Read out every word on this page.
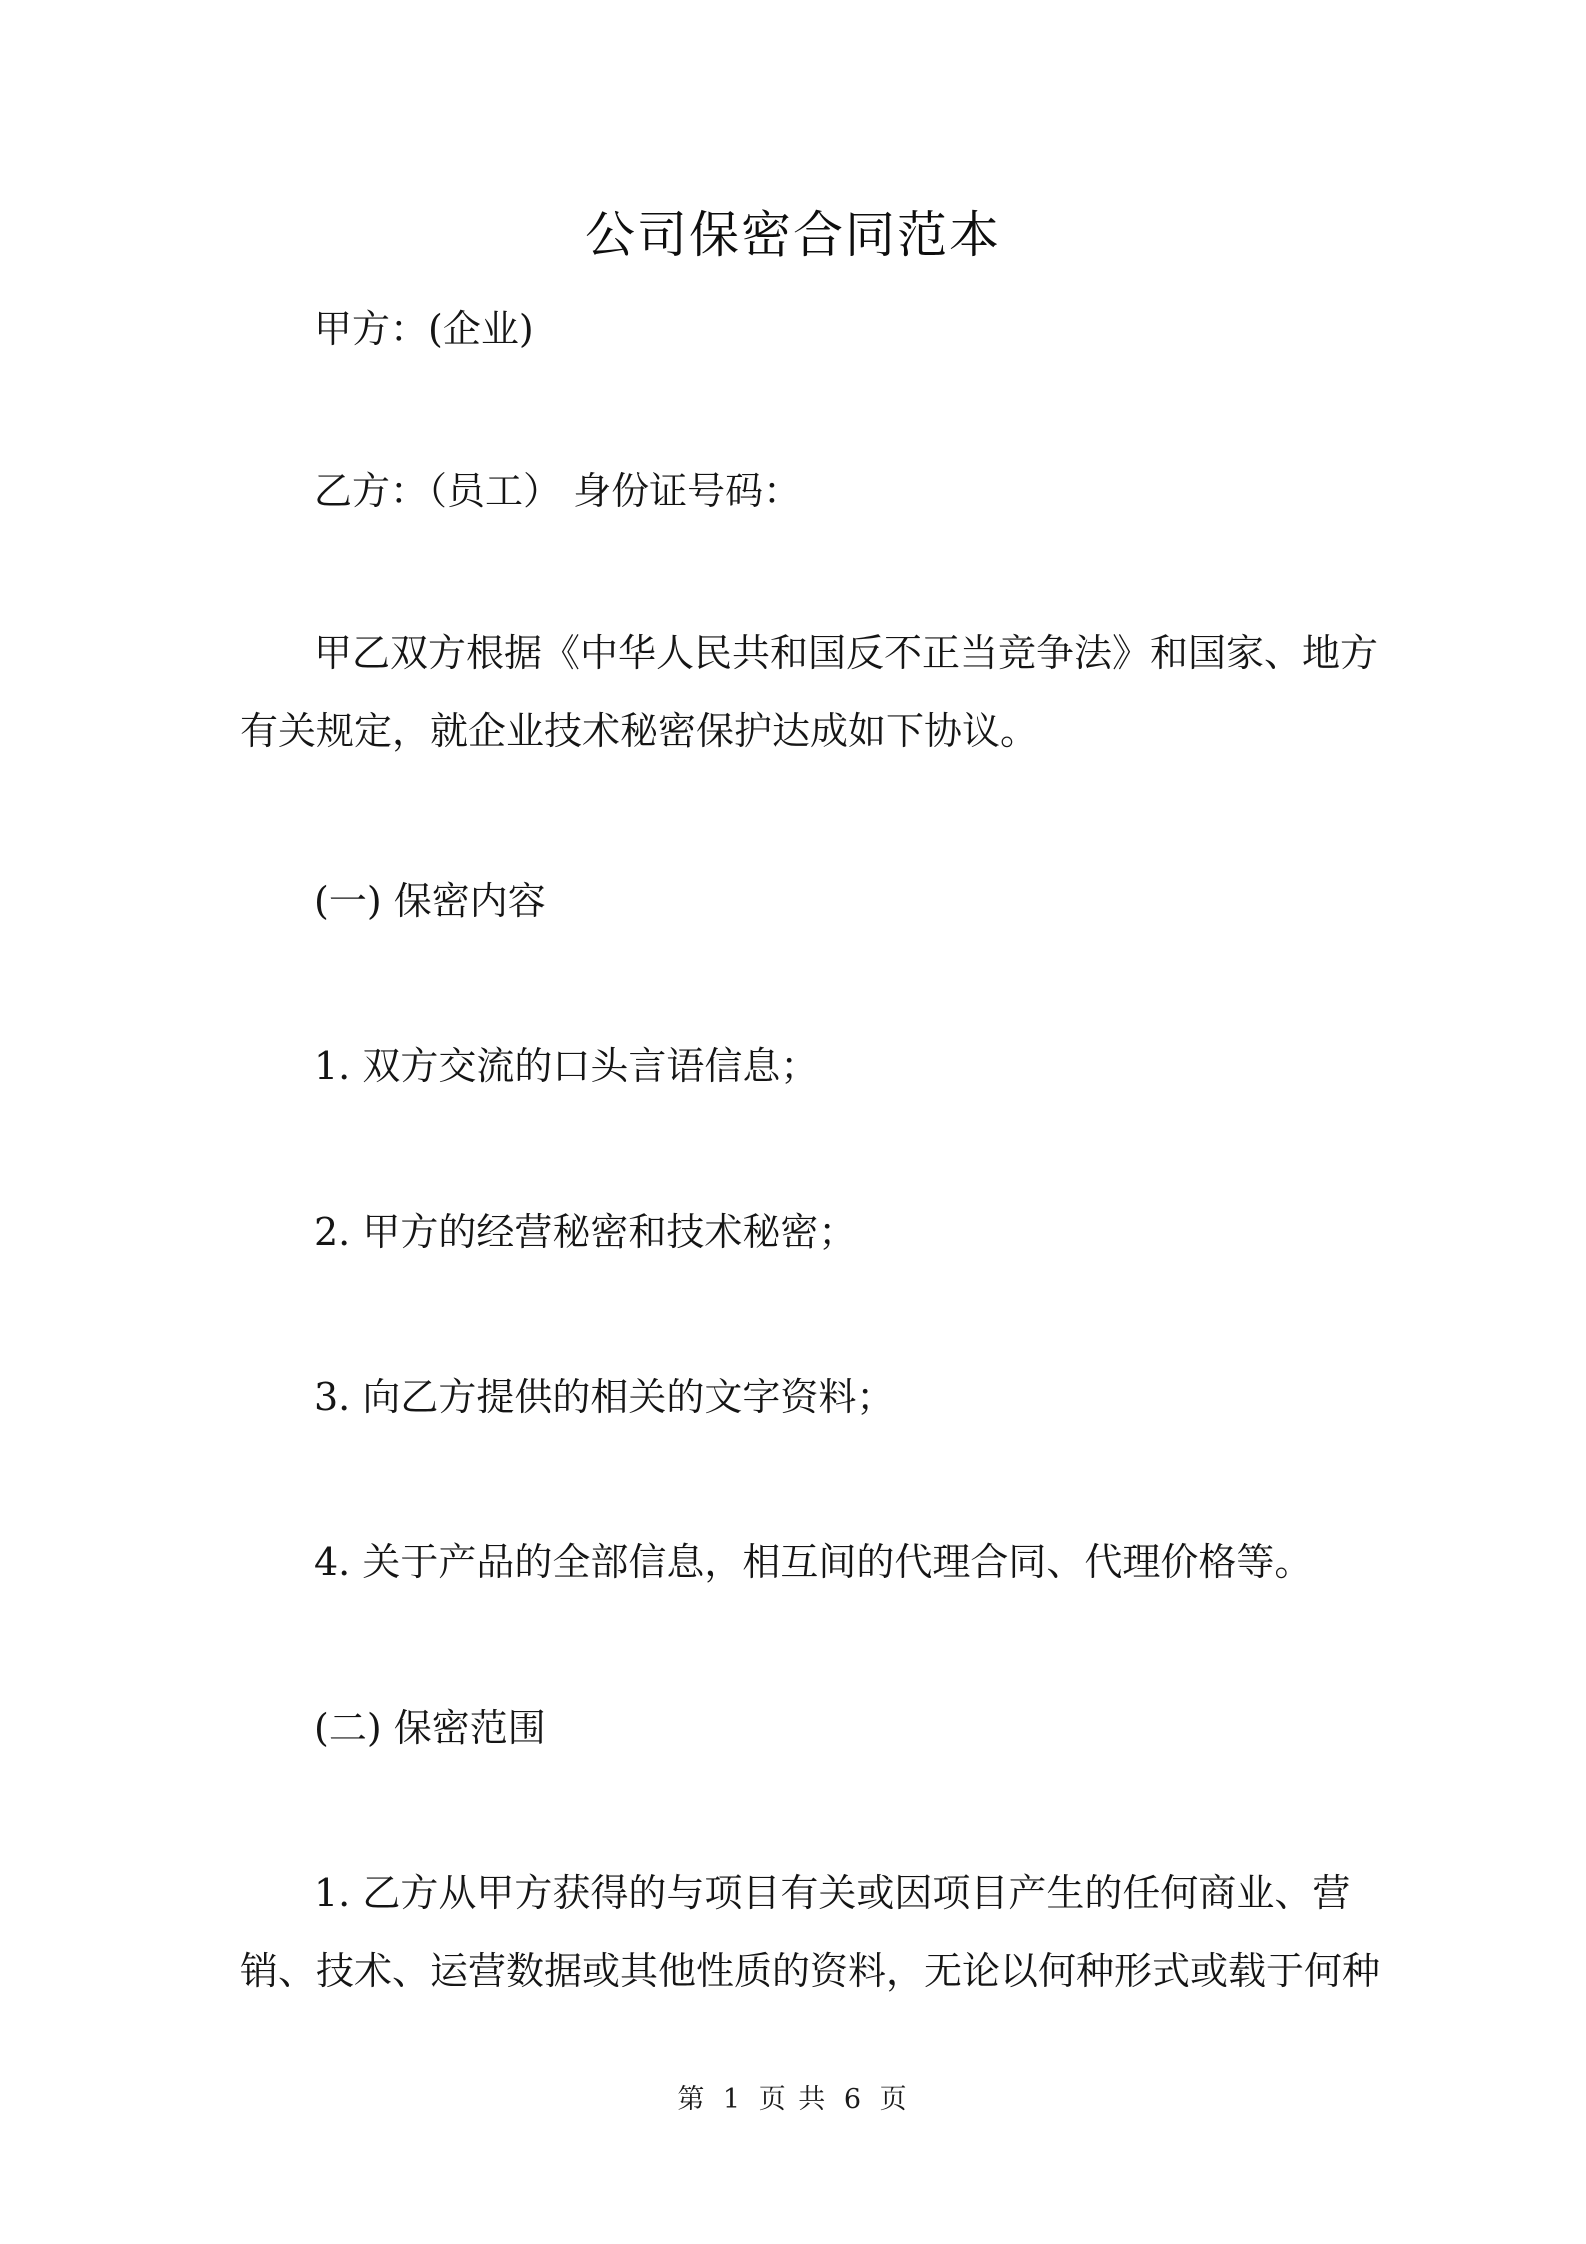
公司保密合同范本

甲方：(企业)

乙方：（员工） 身份证号码：

甲乙双方根据《中华人民共和国反不正当竞争法》和国家、地方
有关规定，就企业技术秘密保护达成如下协议。

(一) 保密内容

1. 双方交流的口头言语信息；

2. 甲方的经营秘密和技术秘密；

3. 向乙方提供的相关的文字资料；

4. 关于产品的全部信息，相互间的代理合同、代理价格等。

(二) 保密范围

1. 乙方从甲方获得的与项目有关或因项目产生的任何商业、营
销、技术、运营数据或其他性质的资料，无论以何种形式或载于何种
第 1 页 共 6 页
